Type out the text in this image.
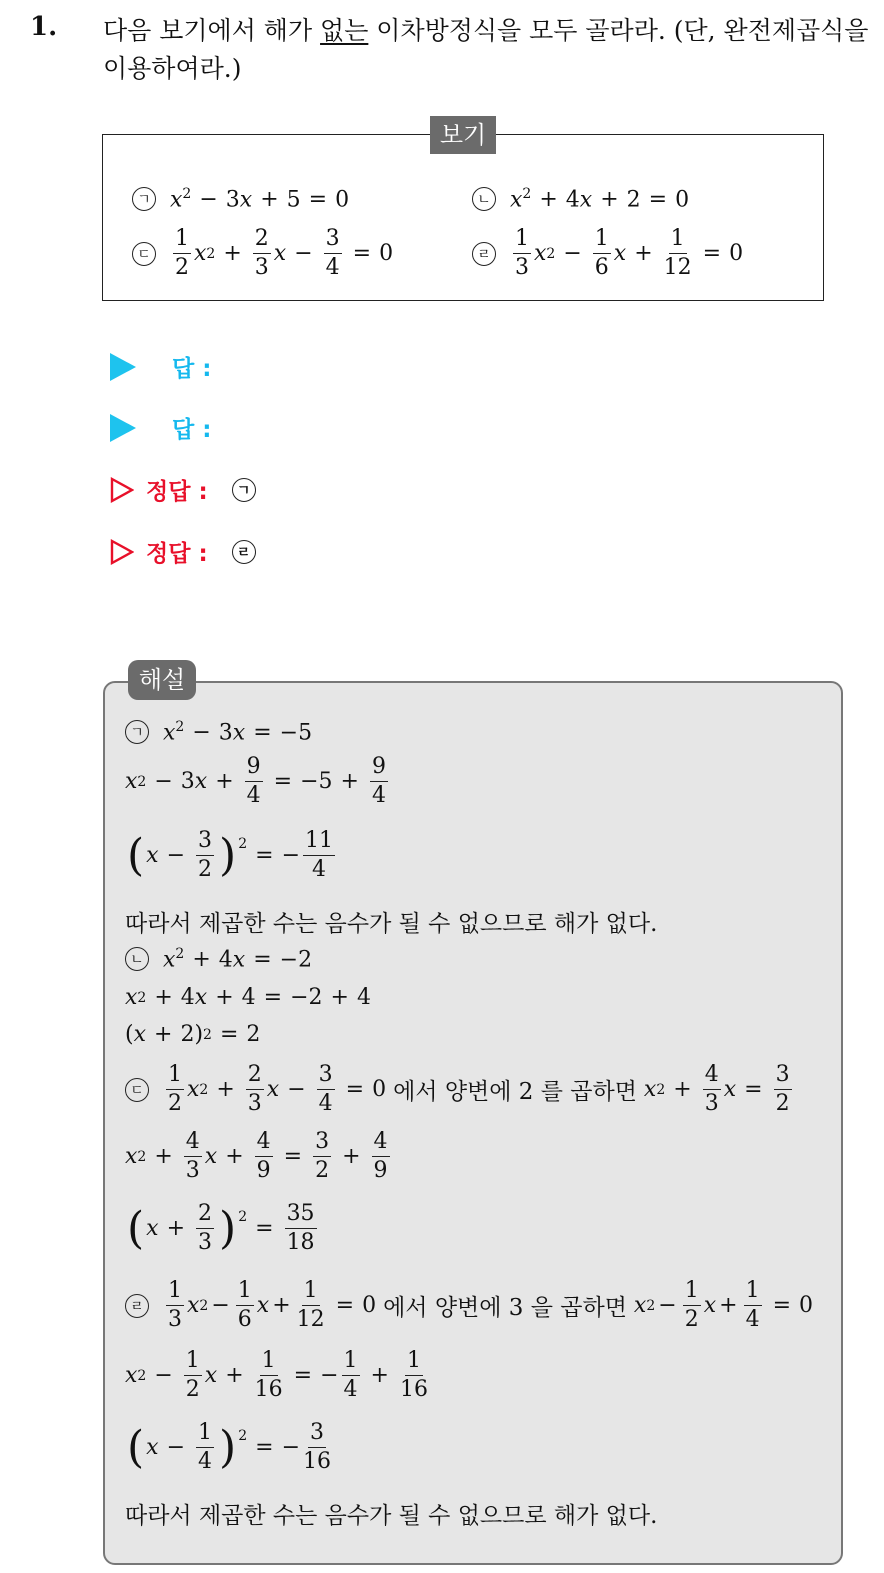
1. 다음 보기에서 해가 없는 이차방정식을 모두 골라라. (단, 완전제곱식을 이용하여라.)
보기
ㄱ $x^2 - 3x + 5 = 0$	ㄴ $x^2 + 4x + 2 = 0$
ㄷ $\frac{1}{2}$ x $2 + \frac{2}{3}$ $x - \frac{3}{4} = 0$	ㄹ $\frac{1}{3}$ x $2 - \frac{1}{6}$ $x + \frac{1}{12} = 0$
답 :
답 :
정답 :	ㄱ
정답 :	ㄹ
해설
ㄱ $x^2 - 3x = -5$
x 2 − 3 $x + \frac{9}{4} = -5 + \frac{9}{4}$
( $x - \frac{3}{2} )^2$ = − $\frac{11}{4}$
따라서 제곱한 수는 음수가 될 수 없으므로 해가 없다.
ㄴ $x^2 + 4x = -2$
x 2 + 4 x + 4 = −2 + 4
( x + 2) 2 = 2
ㄷ $\frac{1}{2}$ x $2 + \frac{2}{3}$ $x - \frac{3}{4} = 0$ 에서 양변에 2 를 곱하면
x $2 + \frac{4}{3}$ $x = \frac{3}{2}$
x $2 + \frac{4}{3}$ $x + \frac{4}{9} = \frac{3}{2} + \frac{4}{9}$
( $x + \frac{2}{3} )^2 = \frac{35}{18}$
ㄹ $\frac{1}{3}$ x $2 - \frac{1}{6}$ $x + \frac{1}{12} = 0$ 에서 양변에 3 을 곱하면
x $2 - \frac{1}{2}$ $x + \frac{1}{4} = 0$
x $2 - \frac{1}{2}$ $x + \frac{1}{16}$ = − $\frac{1}{4} + \frac{1}{16}$
( $x - \frac{1}{4} )^2$ = − $\frac{3}{16}$
따라서 제곱한 수는 음수가 될 수 없으므로 해가 없다.
